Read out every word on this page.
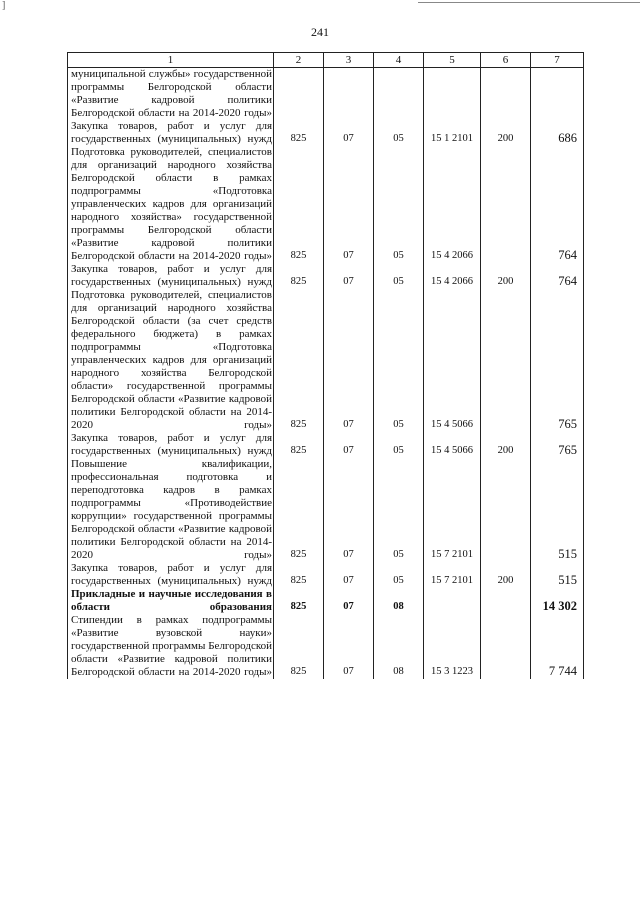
]
241
1	2	3	4	5	6	7
муниципальной службы» государственной программы Белгородской области «Развитие кадровой политики Белгородской области на 2014-2020 годы»	

Закупка товаров, работ и услуг для государственных (муниципальных) нужд	825	07	05	15 1 2101	200	686

Подготовка руководителей, специалистов для организаций народного хозяйства Белгородской области в рамках подпрограммы «Подготовка управленческих кадров для организаций народного хозяйства» государственной программы Белгородской области «Развитие кадровой политики Белгородской области на 2014-2020 годы»	825	07	05	15 4 2066		764

Закупка товаров, работ и услуг для государственных (муниципальных) нужд	825	07	05	15 4 2066	200	764

Подготовка руководителей, специалистов для организаций народного хозяйства Белгородской области (за счет средств федерального бюджета) в рамках подпрограммы «Подготовка управленческих кадров для организаций народного хозяйства Белгородской области» государственной программы Белгородской области «Развитие кадровой политики Белгородской области на 2014-2020 годы»	825	07	05	15 4 5066		765

Закупка товаров, работ и услуг для государственных (муниципальных) нужд	825	07	05	15 4 5066	200	765

Повышение квалификации, профессиональная подготовка и переподготовка кадров в рамках подпрограммы «Противодействие коррупции» государственной программы Белгородской области «Развитие кадровой политики Белгородской области на 2014-2020 годы»	825	07	05	15 7 2101		515

Закупка товаров, работ и услуг для государственных (муниципальных) нужд	825	07	05	15 7 2101	200	515

Прикладные и научные исследования в области образования	825	07	08			14 302

Стипендии в рамках подпрограммы «Развитие вузовской науки» государственной программы Белгородской области «Развитие кадровой политики Белгородской области на 2014-2020 годы»	825	07	08	15 3 1223		7 744
